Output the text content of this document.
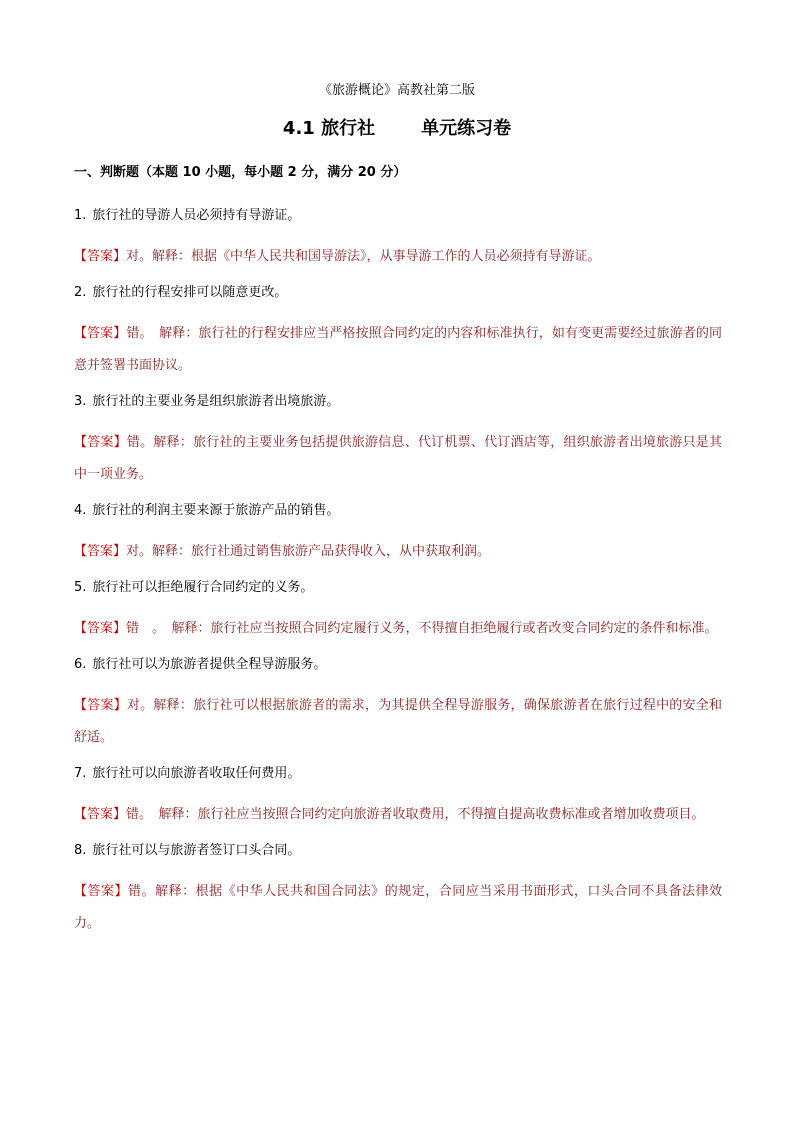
《旅游概论》高教社第二版
4.1 旅行社	单元练习卷
一、判断题（本题 10 小题，每小题 2 分，满分 20 分）
1. 旅行社的导游人员必须持有导游证。
【答案】对。解释：根据《中华人民共和国导游法》，从事导游工作的人员必须持有导游证。
2. 旅行社的行程安排可以随意更改。
【答案】错。　解释：旅行社的行程安排应当严格按照合同约定的内容和标准执行，如有变更需要经过旅游者的同意并签署书面协议。
3. 旅行社的主要业务是组织旅游者出境旅游。
【答案】错。解释：旅行社的主要业务包括提供旅游信息、代订机票、代订酒店等，组织旅游者出境旅游只是其中一项业务。
4. 旅行社的利润主要来源于旅游产品的销售。
【答案】对。解释：旅行社通过销售旅游产品获得收入，从中获取利润。
5. 旅行社可以拒绝履行合同约定的义务。
【答案】错　。　解释：旅行社应当按照合同约定履行义务，不得擅自拒绝履行或者改变合同约定的条件和标准。
6. 旅行社可以为旅游者提供全程导游服务。
【答案】对。解释：旅行社可以根据旅游者的需求，为其提供全程导游服务，确保旅游者在旅行过程中的安全和舒适。
7. 旅行社可以向旅游者收取任何费用。
【答案】错。　解释：旅行社应当按照合同约定向旅游者收取费用，不得擅自提高收费标准或者增加收费项目。
8. 旅行社可以与旅游者签订口头合同。
【答案】错。解释：根据《中华人民共和国合同法》的规定，合同应当采用书面形式，口头合同不具备法律效力。
